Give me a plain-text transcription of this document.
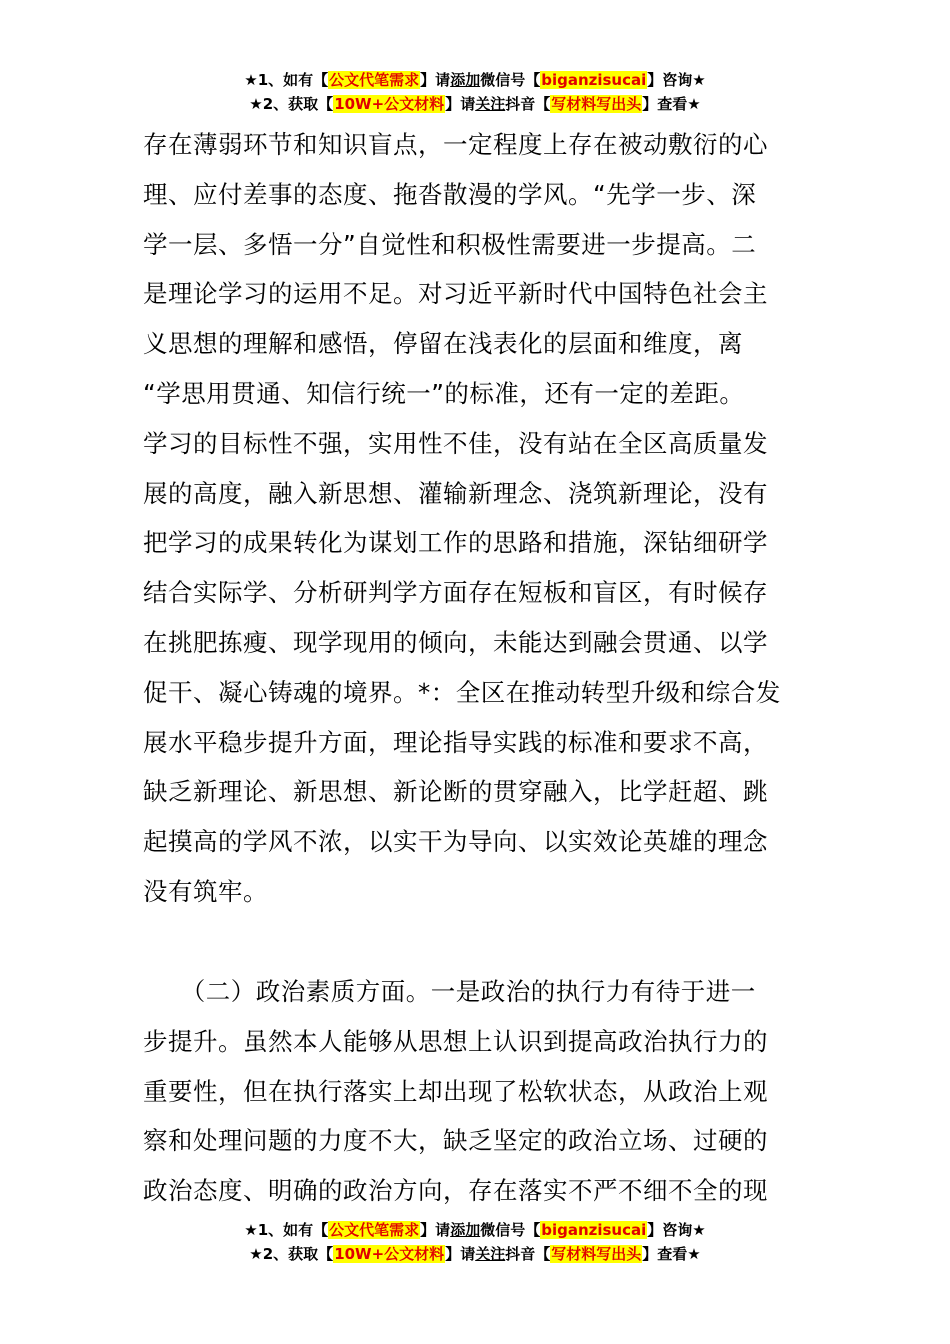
★1、如有【公文代笔需求】请添加微信号【biganzisucai】咨询★
★2、获取【10W+公文材料】请关注抖音【写材料写出头】查看★
存在薄弱环节和知识盲点，一定程度上存在被动敷衍的心
理、应付差事的态度、拖沓散漫的学风。“先学一步、深
学一层、多悟一分”自觉性和积极性需要进一步提高。二
是理论学习的运用不足。对习近平新时代中国特色社会主
义思想的理解和感悟，停留在浅表化的层面和维度，离
“学思用贯通、知信行统一”的标准，还有一定的差距。
学习的目标性不强，实用性不佳，没有站在全区高质量发
展的高度，融入新思想、灌输新理念、浇筑新理论，没有
把学习的成果转化为谋划工作的思路和措施，深钻细研学
结合实际学、分析研判学方面存在短板和盲区，有时候存
在挑肥拣瘦、现学现用的倾向，未能达到融会贯通、以学
促干、凝心铸魂的境界。*：全区在推动转型升级和综合发
展水平稳步提升方面，理论指导实践的标准和要求不高，
缺乏新理论、新思想、新论断的贯穿融入，比学赶超、跳
起摸高的学风不浓，以实干为导向、以实效论英雄的理念
没有筑牢。
　　（二）政治素质方面。一是政治的执行力有待于进一
步提升。虽然本人能够从思想上认识到提高政治执行力的
重要性，但在执行落实上却出现了松软状态，从政治上观
察和处理问题的力度不大，缺乏坚定的政治立场、过硬的
政治态度、明确的政治方向，存在落实不严不细不全的现
★1、如有【公文代笔需求】请添加微信号【biganzisucai】咨询★
★2、获取【10W+公文材料】请关注抖音【写材料写出头】查看★
